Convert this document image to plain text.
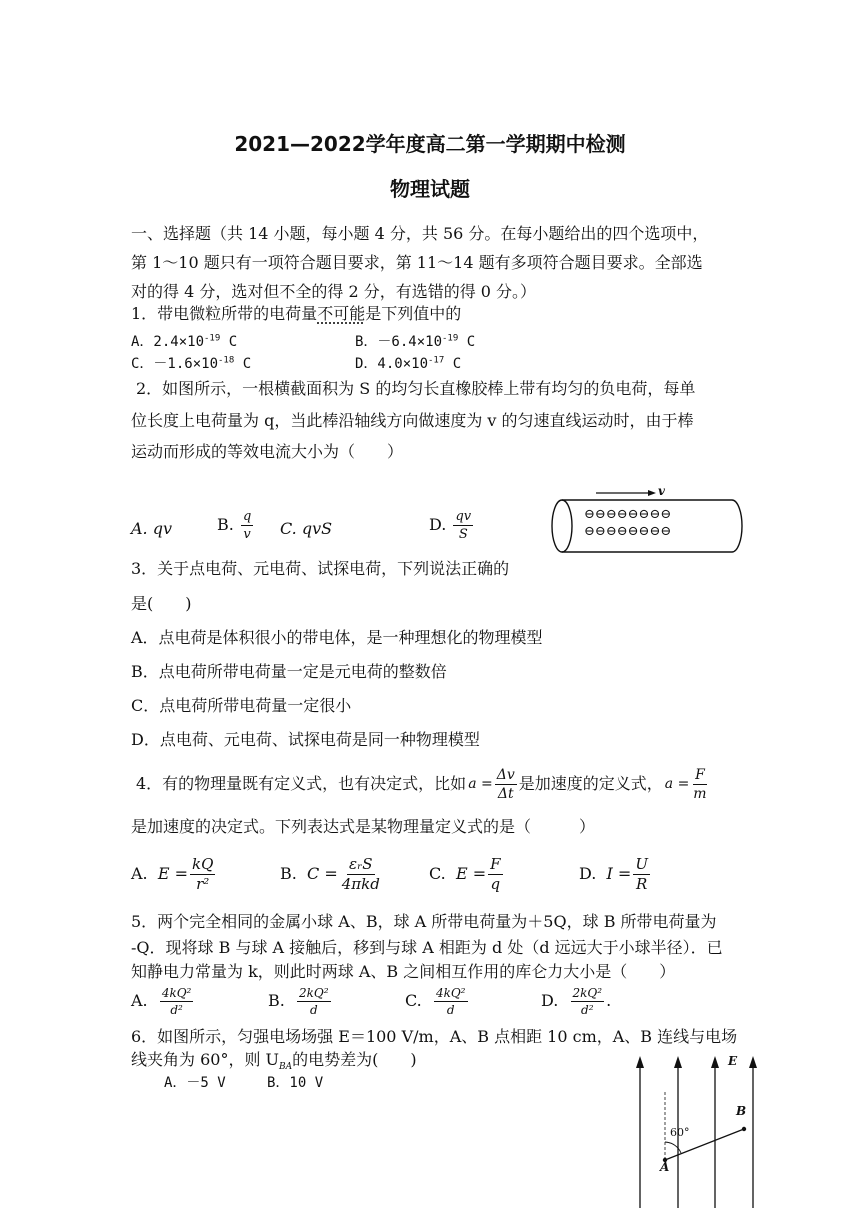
2021—2022学年度高二第一学期期中检测
物理试题
一、选择题（共 14 小题，每小题 4 分，共 56 分。在每小题给出的四个选项中，
第 1～10 题只有一项符合题目要求，第 11～14 题有多项符合题目要求。全部选
对的得 4 分，选对但不全的得 2 分，有选错的得 0 分。）
1．带电微粒所带的电荷量不可能是下列值中的
A．$2.4\times 10^{-19}$ C	B．$-6.4\times 10^{-19}$ C
C．$-1.6\times 10^{-18}$ C	D．$4.0\times 10^{-17}$ C
2．如图所示，一根横截面积为 S 的均匀长直橡胶棒上带有均匀的负电荷，每单
位长度上电荷量为 q，当此棒沿轴线方向做速度为 v 的匀速直线运动时，由于棒
运动而形成的等效电流大小为（　　）
A. qv	B. $\frac{q}{v} C$. qvS	D. $\frac{qv}{S}$
v
⊖⊖⊖⊖⊖⊖⊖⊖
⊖⊖⊖⊖⊖⊖⊖⊖
3．关于点电荷、元电荷、试探电荷，下列说法正确的
是(　　)
A．点电荷是体积很小的带电体，是一种理想化的物理模型
B．点电荷所带电荷量一定是元电荷的整数倍
C．点电荷所带电荷量一定很小
D．点电荷、元电荷、试探电荷是同一种物理模型
4．有的物理量既有定义式，也有决定式，比如 $a = \frac{\Delta v}{\Delta t}$ 是加速度的定义式， $a = \frac{F}{m}$
是加速度的决定式。下列表达式是某物理量定义式的是（　　　）
A.
$E = \frac{kQ}{\text{r²}}$	B.
$C = \frac{\text{εᵣS}}{\text{4πkd}}$	C.
$E = \frac{F}{q}$	D.
$I = \frac{U}{R}$
5．两个完全相同的金属小球 A、B，球 A 所带电荷量为＋5Q，球 B 所带电荷量为
-Q．现将球 B 与球 A 接触后，移到与球 A 相距为 d 处（d 远远大于小球半径）．已
知静电力常量为 k，则此时两球 A、B 之间相互作用的库仑力大小是（　　）
A.
$\frac{\text{4kQ²}}{\text{d²}}$	B.
$\frac{\text{2kQ²}}{d}$	C.
$\frac{\text{4kQ²}}{d}$	D.
$\frac{\text{2kQ²}}{\text{d²}}$ .
6．如图所示，匀强电场场强 E＝100 V/m，A、B 点相距 10 cm，A、B 连线与电场
线夹角为 60°，则 $U_{BA}$的电势差为(　　)
A．－5 V	B．10 V
E
B
A
60°
